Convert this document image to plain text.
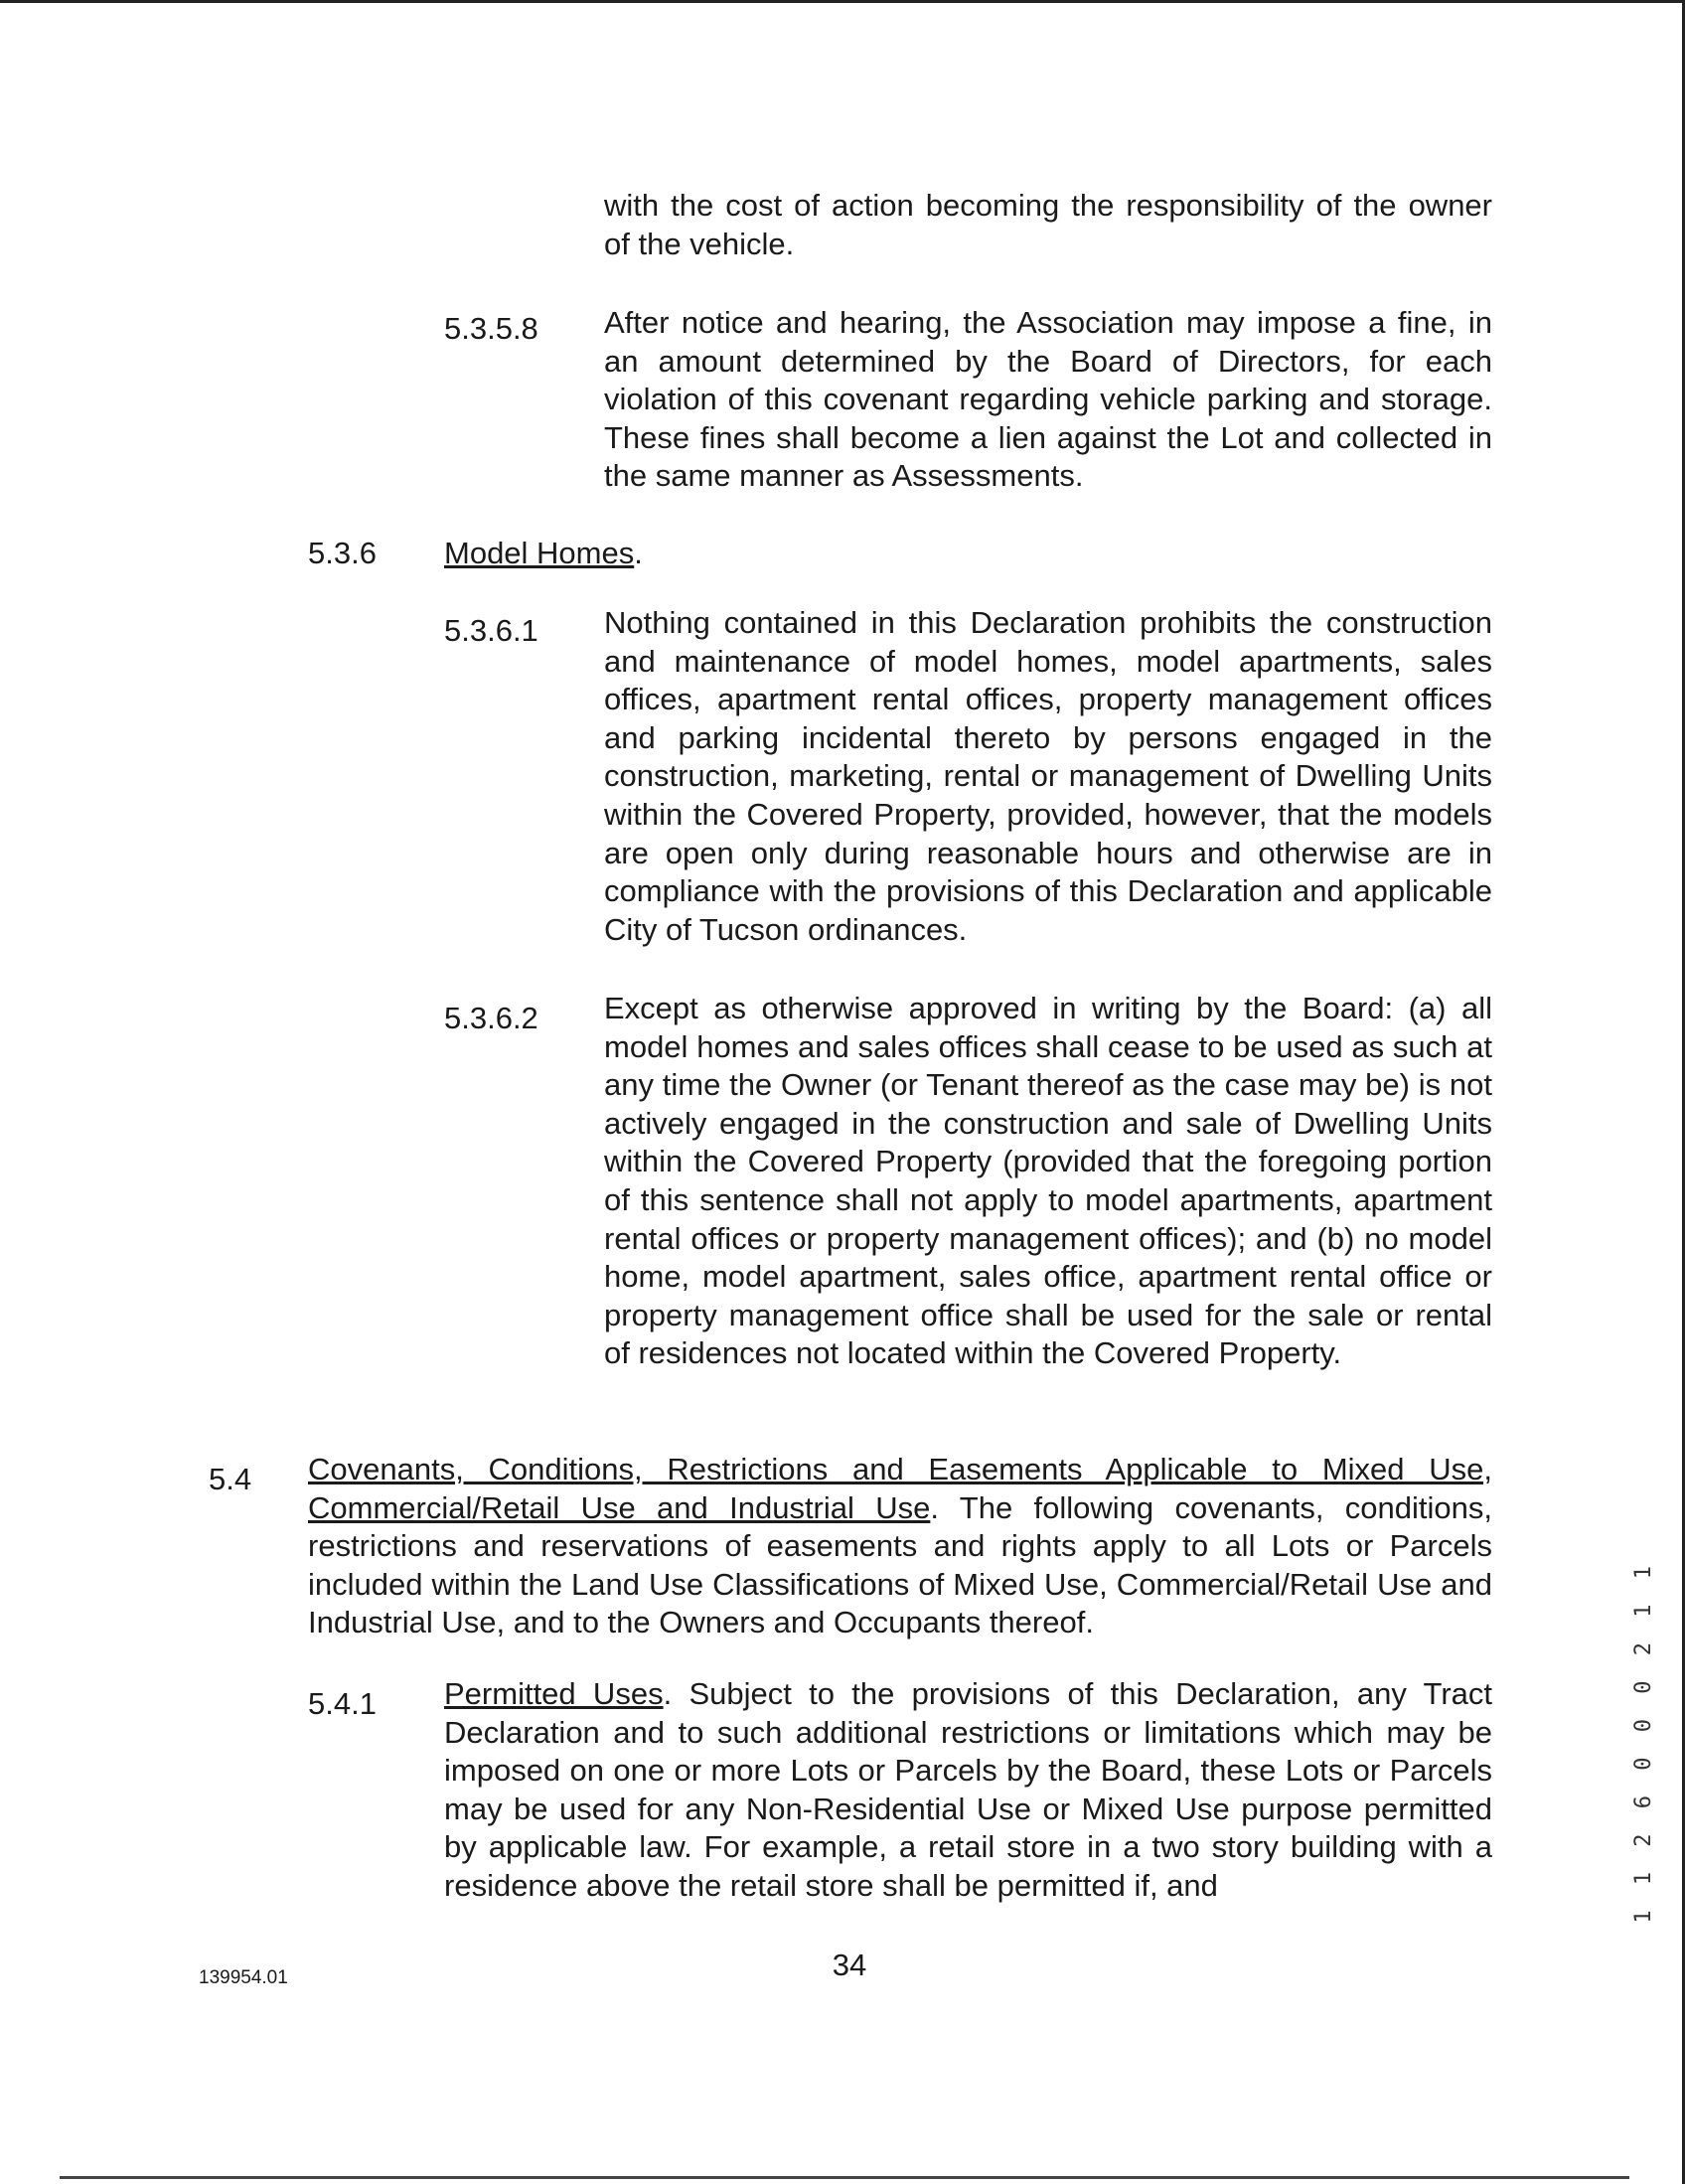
with the cost of action becoming the responsibility of the owner of the vehicle.

5.3.5.8 After notice and hearing, the Association may impose a fine, in an amount determined by the Board of Directors, for each violation of this covenant regarding vehicle parking and storage. These fines shall become a lien against the Lot and collected in the same manner as Assessments.

5.3.6 Model Homes.
5.3.6.1 Nothing contained in this Declaration prohibits the construction and maintenance of model homes, model apartments, sales offices, apartment rental offices, property management offices and parking incidental thereto by persons engaged in the construction, marketing, rental or management of Dwelling Units within the Covered Property, provided, however, that the models are open only during reasonable hours and otherwise are in compliance with the provisions of this Declaration and applicable City of Tucson ordinances.

5.3.6.2 Except as otherwise approved in writing by the Board: (a) all model homes and sales offices shall cease to be used as such at any time the Owner (or Tenant thereof as the case may be) is not actively engaged in the construction and sale of Dwelling Units within the Covered Property (provided that the foregoing portion of this sentence shall not apply to model apartments, apartment rental offices or property management offices); and (b) no model home, model apartment, sales office, apartment rental office or property management office shall be used for the sale or rental of residences not located within the Covered Property.

5.4 Covenants, Conditions, Restrictions and Easements Applicable to Mixed Use, Commercial/Retail Use and Industrial Use. The following covenants, conditions, restrictions and reservations of easements and rights apply to all Lots or Parcels included within the Land Use Classifications of Mixed Use, Commercial/Retail Use and Industrial Use, and to the Owners and Occupants thereof.

5.4.1 Permitted Uses. Subject to the provisions of this Declaration, any Tract Declaration and to such additional restrictions or limitations which may be imposed on one or more Lots or Parcels by the Board, these Lots or Parcels may be used for any Non-Residential Use or Mixed Use purpose permitted by applicable law. For example, a retail store in a two story building with a residence above the retail store shall be permitted if, and	1 1 2 6 0 0 0 2 1 1
34
139954.01
